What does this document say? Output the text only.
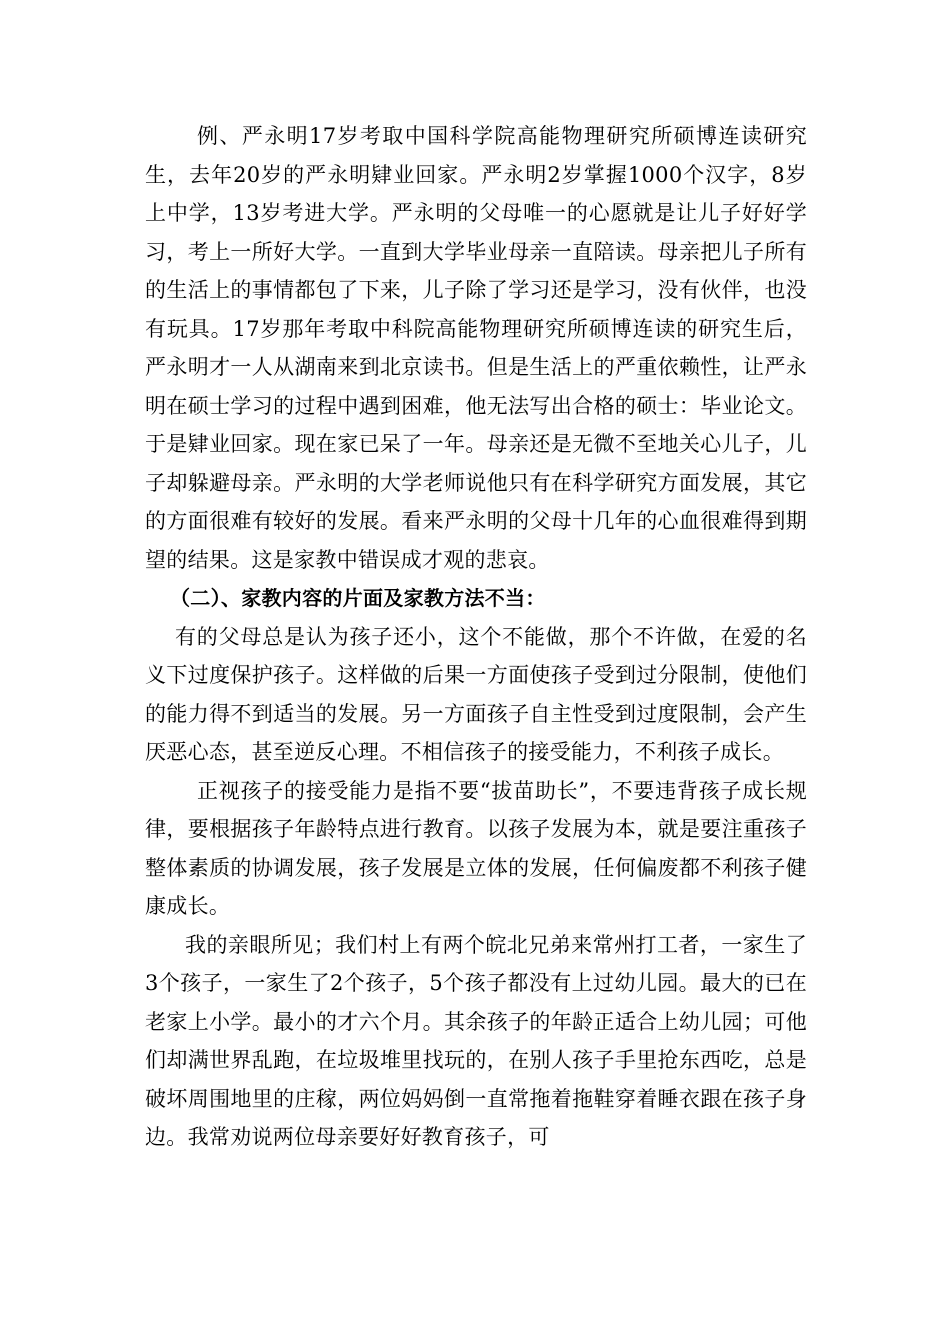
例、严永明17岁考取中国科学院高能物理研究所硕博连读研究生，去年20岁的严永明肄业回家。严永明2岁掌握1000个汉字，8岁上中学，13岁考进大学。严永明的父母唯一的心愿就是让儿子好好学习，考上一所好大学。一直到大学毕业母亲一直陪读。母亲把儿子所有的生活上的事情都包了下来，儿子除了学习还是学习，没有伙伴，也没有玩具。17岁那年考取中科院高能物理研究所硕博连读的研究生后，严永明才一人从湖南来到北京读书。但是生活上的严重依赖性，让严永明在硕士学习的过程中遇到困难，他无法写出合格的硕士：毕业论文。于是肄业回家。现在家已呆了一年。母亲还是无微不至地关心儿子，儿子却躲避母亲。严永明的大学老师说他只有在科学研究方面发展，其它的方面很难有较好的发展。看来严永明的父母十几年的心血很难得到期望的结果。这是家教中错误成才观的悲哀。

（二）、家教内容的片面及家教方法不当：

有的父母总是认为孩子还小，这个不能做，那个不许做，在爱的名义下过度保护孩子。这样做的后果一方面使孩子受到过分限制，使他们的能力得不到适当的发展。另一方面孩子自主性受到过度限制，会产生厌恶心态，甚至逆反心理。不相信孩子的接受能力，不利孩子成长。

正视孩子的接受能力是指不要“拔苗助长”，不要违背孩子成长规律，要根据孩子年龄特点进行教育。以孩子发展为本，就是要注重孩子整体素质的协调发展，孩子发展是立体的发展，任何偏废都不利孩子健康成长。

我的亲眼所见；我们村上有两个皖北兄弟来常州打工者，一家生了3个孩子，一家生了2个孩子，5个孩子都没有上过幼儿园。最大的已在老家上小学。最小的才六个月。其余孩子的年龄正适合上幼儿园；可他们却满世界乱跑，在垃圾堆里找玩的，在别人孩子手里抢东西吃，总是破坏周围地里的庄稼，两位妈妈倒一直常拖着拖鞋穿着睡衣跟在孩子身边。我常劝说两位母亲要好好教育孩子，可
